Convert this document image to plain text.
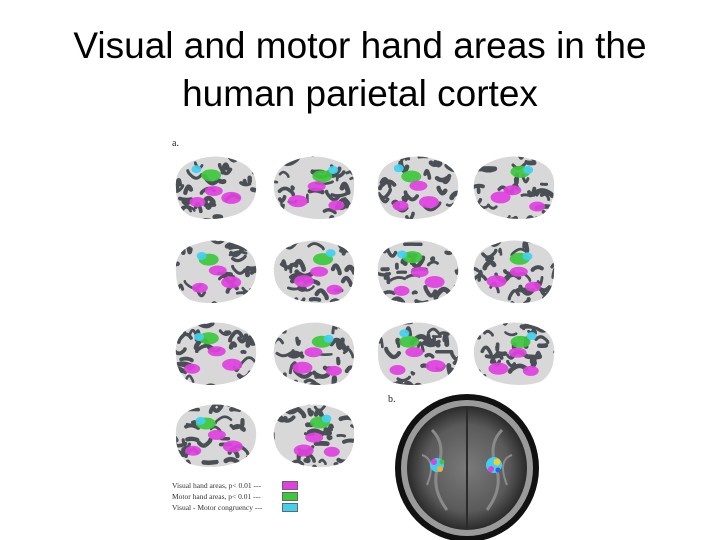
Visual and motor hand areas in the
human parietal cortex
a.
b.
Visual hand areas, p< 0.01 ---
Motor hand areas, p< 0.01 ---
Visual - Motor congruency ---
